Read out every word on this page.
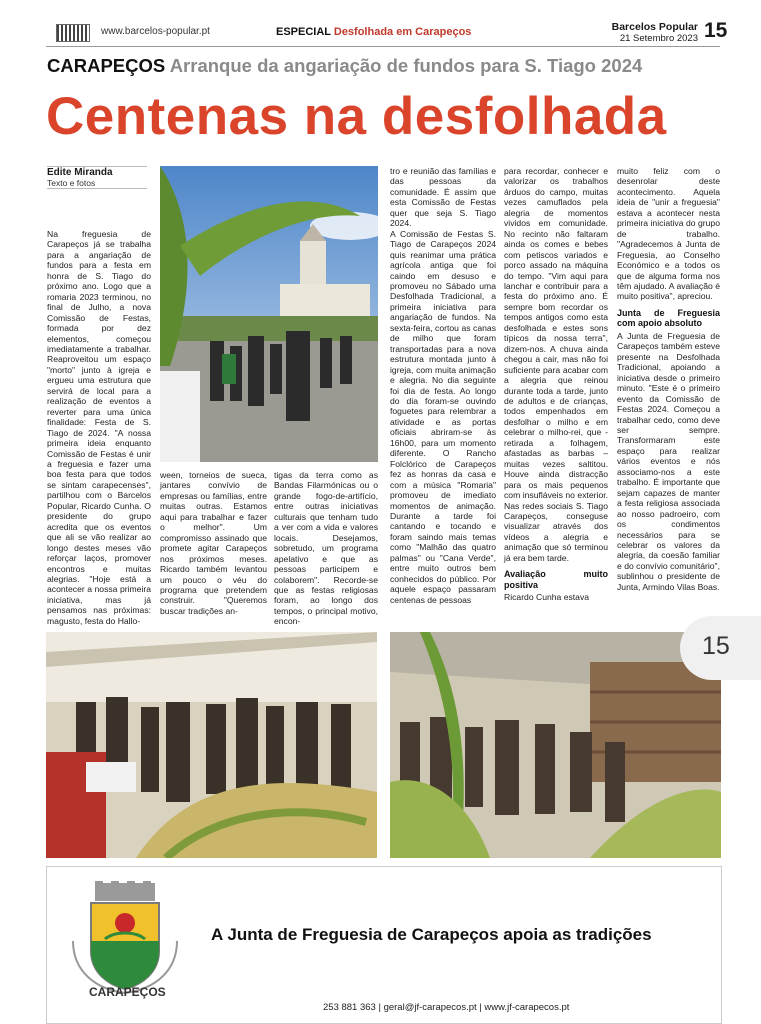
www.barcelos-popular.pt	ESPECIAL Desfolhada em Carapeços	Barcelos Popular
21 Setembro 2023 15
CARAPEÇOS Arranque da angariação de fundos para S. Tiago 2024
Centenas na desfolhada
Edite Miranda
Texto e fotos
Na freguesia de Carapeços já se trabalha para a angariação de fundos para a festa em honra de S. Tiago do próximo ano. Logo que a romaria 2023 terminou, no final de Julho, a nova Comissão de Festas, formada por dez elementos, começou imediatamente a trabalhar. Reaproveitou um espaço "morto" junto à igreja e ergueu uma estrutura que servirá de local para a realização de eventos a reverter para uma única finalidade: Festa de S. Tiago de 2024. "A nossa primeira ideia enquanto Comissão de Festas é unir a freguesia e fazer uma boa festa para que todos se sintam carapecenses", partilhou com o Barcelos Popular, Ricardo Cunha. O presidente do grupo acredita que os eventos que ali se vão realizar ao longo destes meses vão reforçar laços, promover encontros e muitas alegrias. "Hoje está a acontecer a nossa primeira iniciativa, mas já pensamos nas próximas: magusto, festa do Hallo-
ween, torneios de sueca, jantares convívio de empresas ou famílias, entre muitas outras. Estamos aqui para trabalhar e fazer o melhor". Um compromisso assinado que promete agitar Carapeços nos próximos meses. Ricardo também levantou um pouco o véu do programa que pretendem construir. "Queremos buscar tradições an-
tigas da terra como as Bandas Filarmónicas ou o grande fogo-de-artifício, entre outras iniciativas culturais que tenham tudo a ver com a vida e valores locais. Desejamos, sobretudo, um programa apelativo e que as pessoas participem e colaborem". Recorde-se que as festas religiosas foram, ao longo dos tempos, o principal motivo, encon-
tro e reunião das famílias e das pessoas da comunidade. É assim que esta Comissão de Festas quer que seja S. Tiago 2024.
A Comissão de Festas S. Tiago de Carapeços 2024 quis reanimar uma prática agrícola antiga que foi caindo em desuso e promoveu no Sábado uma Desfolhada Tradicional, a primeira iniciativa para angariação de fundos. Na sexta-feira, cortou as canas de milho que foram transportadas para a nova estrutura montada junto à igreja, com muita animação e alegria. No dia seguinte foi dia de festa. Ao longo do dia foram-se ouvindo foguetes para relembrar a atividade e as portas oficiais abriram-se às 16h00, para um momento diferente. O Rancho Folclórico de Carapeços fez as honras da casa e com a música "Romaria" promoveu de imediato momentos de animação. Durante a tarde foi cantando e tocando e foram saindo mais temas como "Malhão das quatro palmas" ou "Cana Verde", entre muito outros bem conhecidos do público. Por aquele espaço passaram centenas de pessoas

para recordar, conhecer e valorizar os trabalhos árduos do campo, muitas vezes camuflados pela alegria de momentos vividos em comunidade. No recinto não faltaram ainda os comes e bebes com petiscos variados e porco assado na máquina do tempo. "Vim aqui para lanchar e contribuir para a festa do próximo ano. É sempre bom recordar os tempos antigos como esta desfolhada e estes sons típicos da nossa terra", dizem-nos. A chuva ainda chegou a cair, mas não foi suficiente para acabar com a alegria que reinou durante toda a tarde, junto de adultos e de crianças, todos empenhados em desfolhar o milho e em celebrar o milho-rei, que - retirada a folhagem, afastadas as barbas – muitas vezes saltitou. Houve ainda distracção para os mais pequenos com insufláveis no exterior. Nas redes sociais S. Tiago Carapeços, conseguse visualizar através dos vídeos a alegria e animação que só terminou já era bem tarde.

Avaliação muito positiva

Ricardo Cunha estava

muito feliz com o desenrolar deste acontecimento. Aquela ideia de "unir a freguesia" estava a acontecer nesta primeira iniciativa do grupo de trabalho. "Agradecemos à Junta de Freguesia, ao Conselho Económico e a todos os que de alguma forma nos têm ajudado. A avaliação é muito positiva", apreciou.

Junta de Freguesia com apoio absoluto

A Junta de Freguesia de Carapeços também esteve presente na Desfolhada Tradicional, apoiando a iniciativa desde o primeiro minuto. "Este é o primeiro evento da Comissão de Festas 2024. Começou a trabalhar cedo, como deve ser sempre. Transformaram este espaço para realizar vários eventos e nós associamo-nos a este trabalho. É importante que sejam capazes de manter a festa religiosa associada ao nosso padroeiro, com os condimentos necessários para se celebrar os valores da alegria, da coesão familiar e do convívio comunitário", sublinhou o presidente de Junta, Armindo Vilas Boas.

15
CARAPEÇOS
A Junta de Freguesia de Carapeços apoia as tradições
253 881 363 | geral@jf-carapecos.pt | www.jf-carapecos.pt
